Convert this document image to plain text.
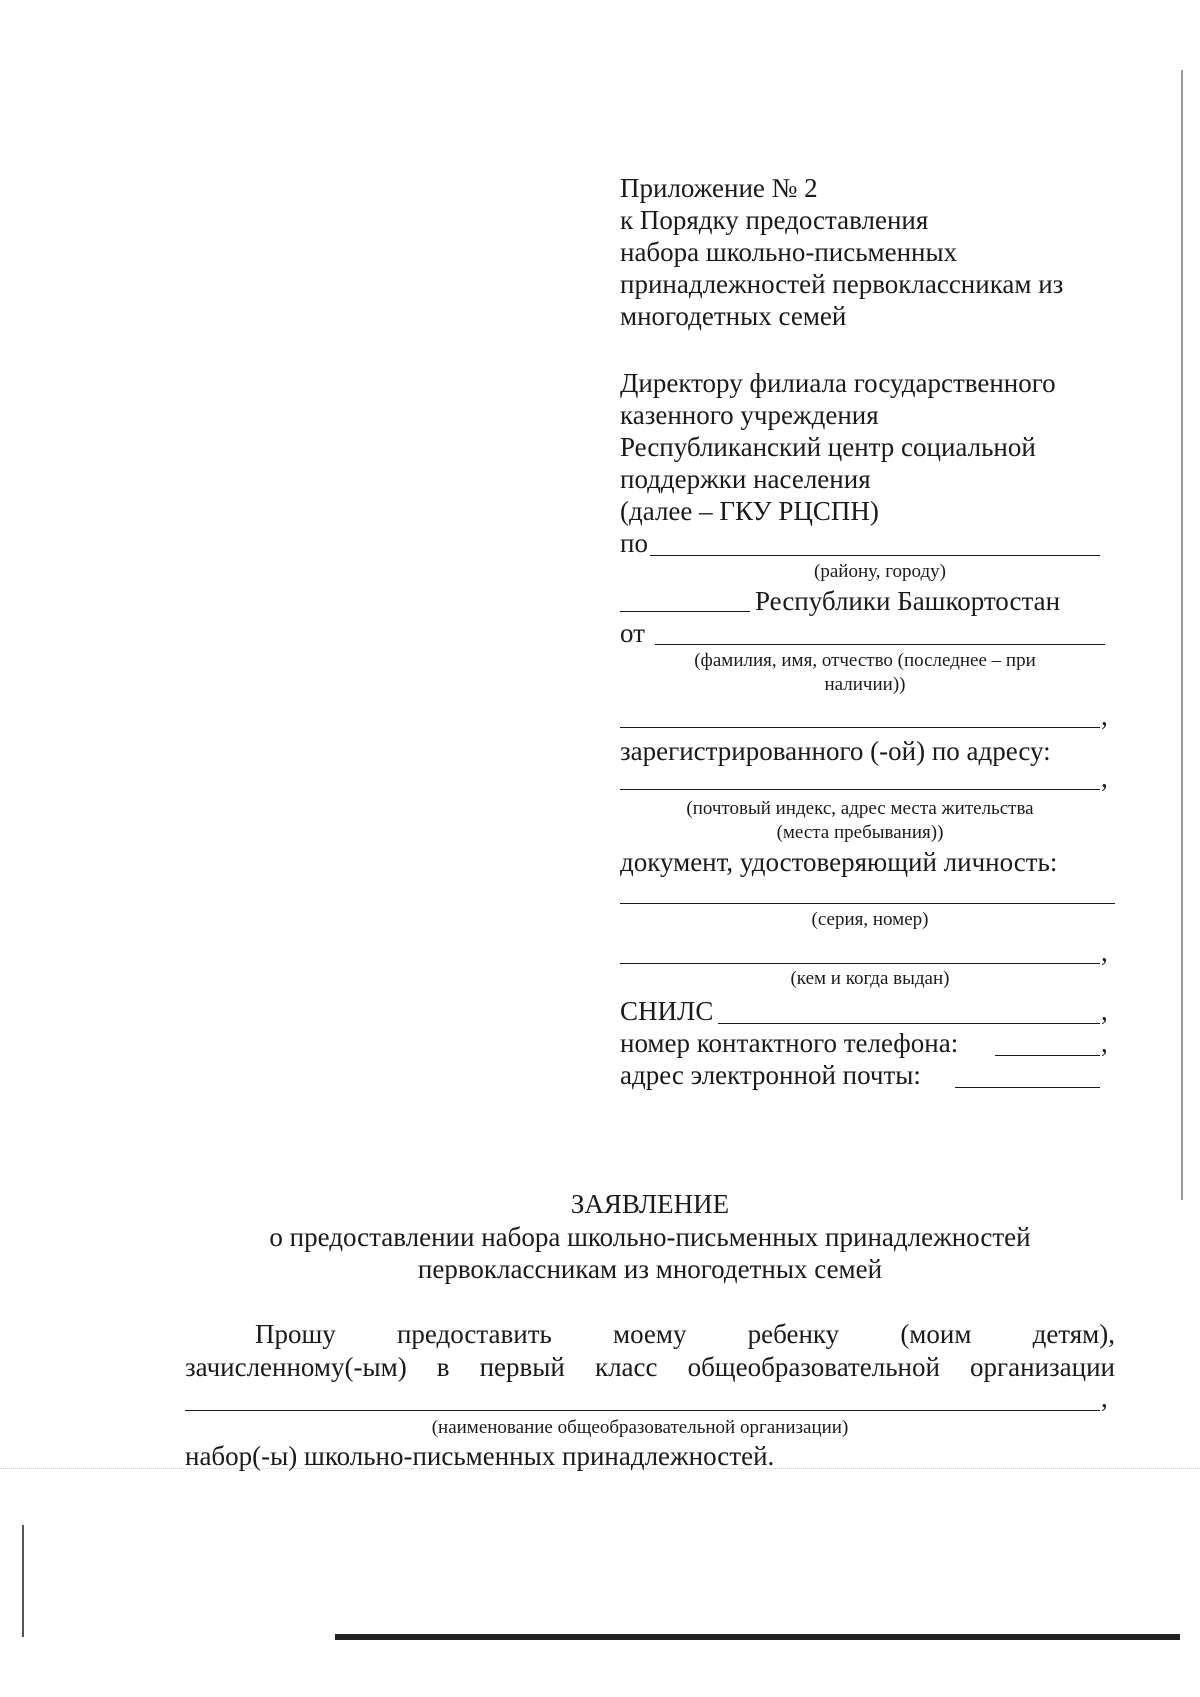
Приложение № 2
к Порядку предоставления
набора школьно-письменных
принадлежностей первоклассникам из
многодетных семей
Директору филиала государственного
казенного учреждения
Республиканский центр социальной
поддержки населения
(далее – ГКУ РЦСПН)
по
(району, городу)
Республики Башкортостан
от
(фамилия, имя, отчество (последнее – при
наличии))
,
зарегистрированного (-ой) по адресу:
,
(почтовый индекс, адрес места жительства
(места пребывания))
документ, удостоверяющий личность:
(серия, номер)
,
(кем и когда выдан)
СНИЛС	,
номер контактного телефона:	,
адрес электронной почты:
ЗАЯВЛЕНИЕ
о предоставлении набора школьно-письменных принадлежностей
первоклассникам из многодетных семей
Прошу предоставить моему ребенку (моим детям),
зачисленному(-ым) в первый класс общеобразовательной организации
,
(наименование общеобразовательной организации)
набор(-ы) школьно-письменных принадлежностей.
